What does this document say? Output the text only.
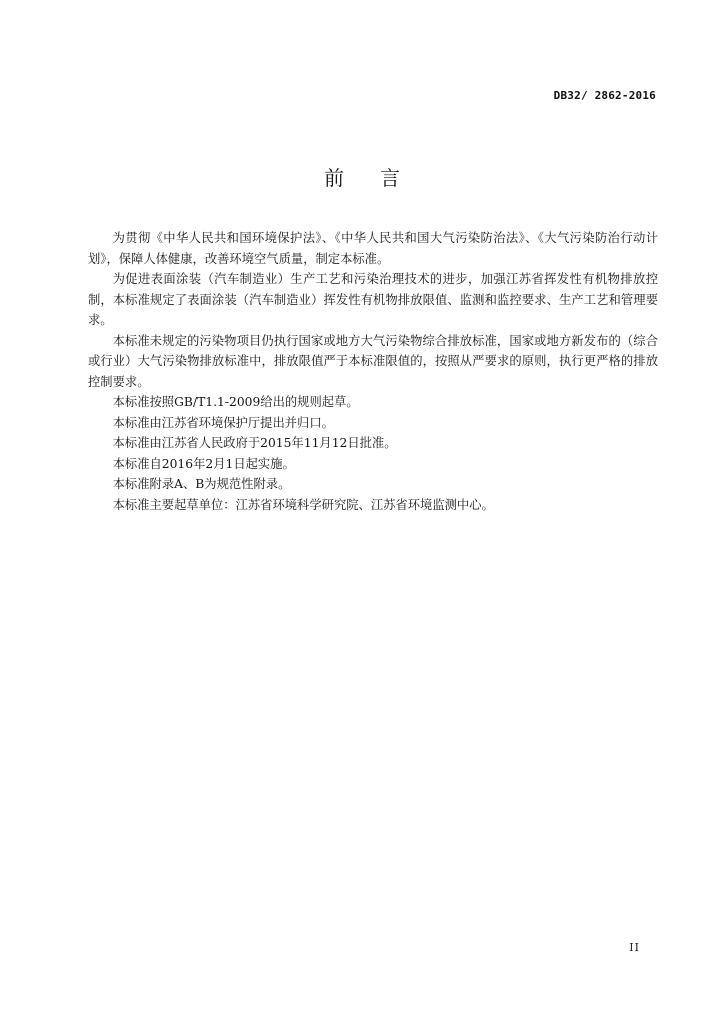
DB32/ 2862-2016
前言

为贯彻《中华人民共和国环境保护法》、《中华人民共和国大气污染防治法》、《大气污染防治行动计划》，保障人体健康，改善环境空气质量，制定本标准。

为促进表面涂装（汽车制造业）生产工艺和污染治理技术的进步，加强江苏省挥发性有机物排放控制，本标准规定了表面涂装（汽车制造业）挥发性有机物排放限值、监测和监控要求、生产工艺和管理要求。

本标准未规定的污染物项目仍执行国家或地方大气污染物综合排放标准，国家或地方新发布的（综合或行业）大气污染物排放标准中，排放限值严于本标准限值的，按照从严要求的原则，执行更严格的排放控制要求。

本标准按照GB/T1.1-2009给出的规则起草。

本标准由江苏省环境保护厅提出并归口。

本标准由江苏省人民政府于2015年11月12日批准。

本标准自2016年2月1日起实施。

本标准附录A、B为规范性附录。

本标准主要起草单位：江苏省环境科学研究院、江苏省环境监测中心。

II
